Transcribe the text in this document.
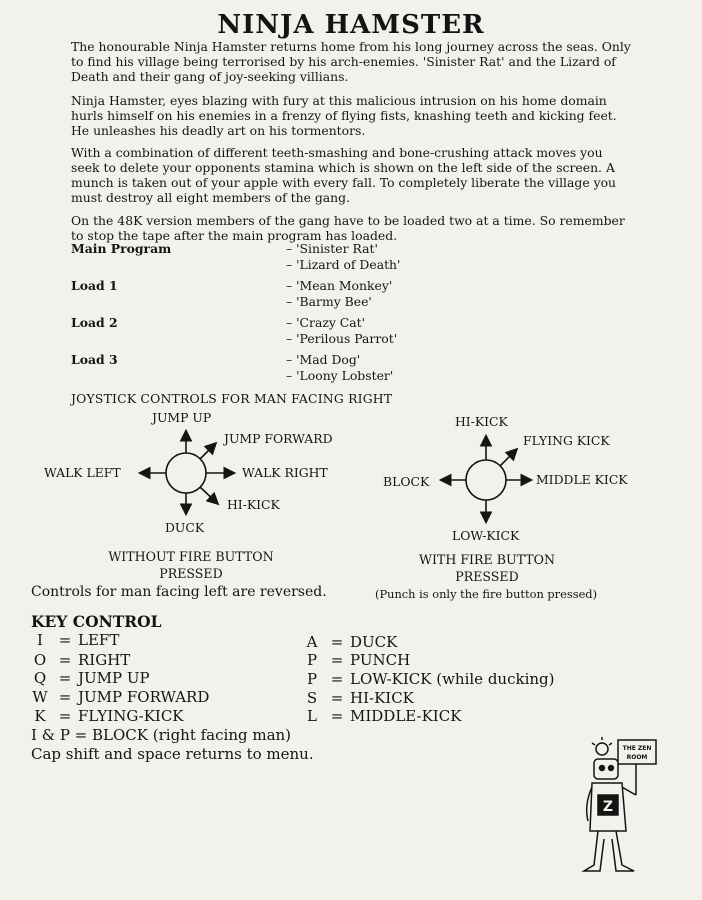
NINJA HAMSTER

The honourable Ninja Hamster returns home from his long journey across the seas. Only to find his village being terrorised by his arch-enemies. 'Sinister Rat' and the Lizard of Death and their gang of joy-seeking villians.

Ninja Hamster, eyes blazing with fury at this malicious intrusion on his home domain hurls himself on his enemies in a frenzy of flying fists, knashing teeth and kicking feet. He unleashes his deadly art on his tormentors.

With a combination of different teeth-smashing and bone-crushing attack moves you seek to delete your opponents stamina which is shown on the left side of the screen. A munch is taken out of your apple with every fall. To completely liberate the village you must destroy all eight members of the gang.

On the 48K version members of the gang have to be loaded two at a time. So remember to stop the tape after the main program has loaded.

Main Program	– 'Sinister Rat'
– 'Lizard of Death'
Load 1	– 'Mean Monkey'
– 'Barmy Bee'
Load 2	– 'Crazy Cat'
– 'Perilous Parrot'
Load 3	– 'Mad Dog'
– 'Loony Lobster'
JOYSTICK CONTROLS FOR MAN FACING RIGHT
JUMP UP
JUMP FORWARD
WALK LEFT	WALK RIGHT
HI-KICK
DUCK
WITHOUT FIRE BUTTON
PRESSED
HI-KICK
FLYING KICK
BLOCK	MIDDLE KICK
LOW-KICK
WITH FIRE BUTTON
PRESSED
Controls for man facing left are reversed.	(Punch is only the fire button pressed)
KEY CONTROL
I = LEFT
O = RIGHT
Q = JUMP UP
W = JUMP FORWARD
K = FLYING-KICK
A = DUCK
P = PUNCH
P = LOW-KICK (while ducking)
S = HI-KICK
L = MIDDLE-KICK
I & P = BLOCK (right facing man)
Cap shift and space returns to menu.	THE ZEN
ROOM
Z
